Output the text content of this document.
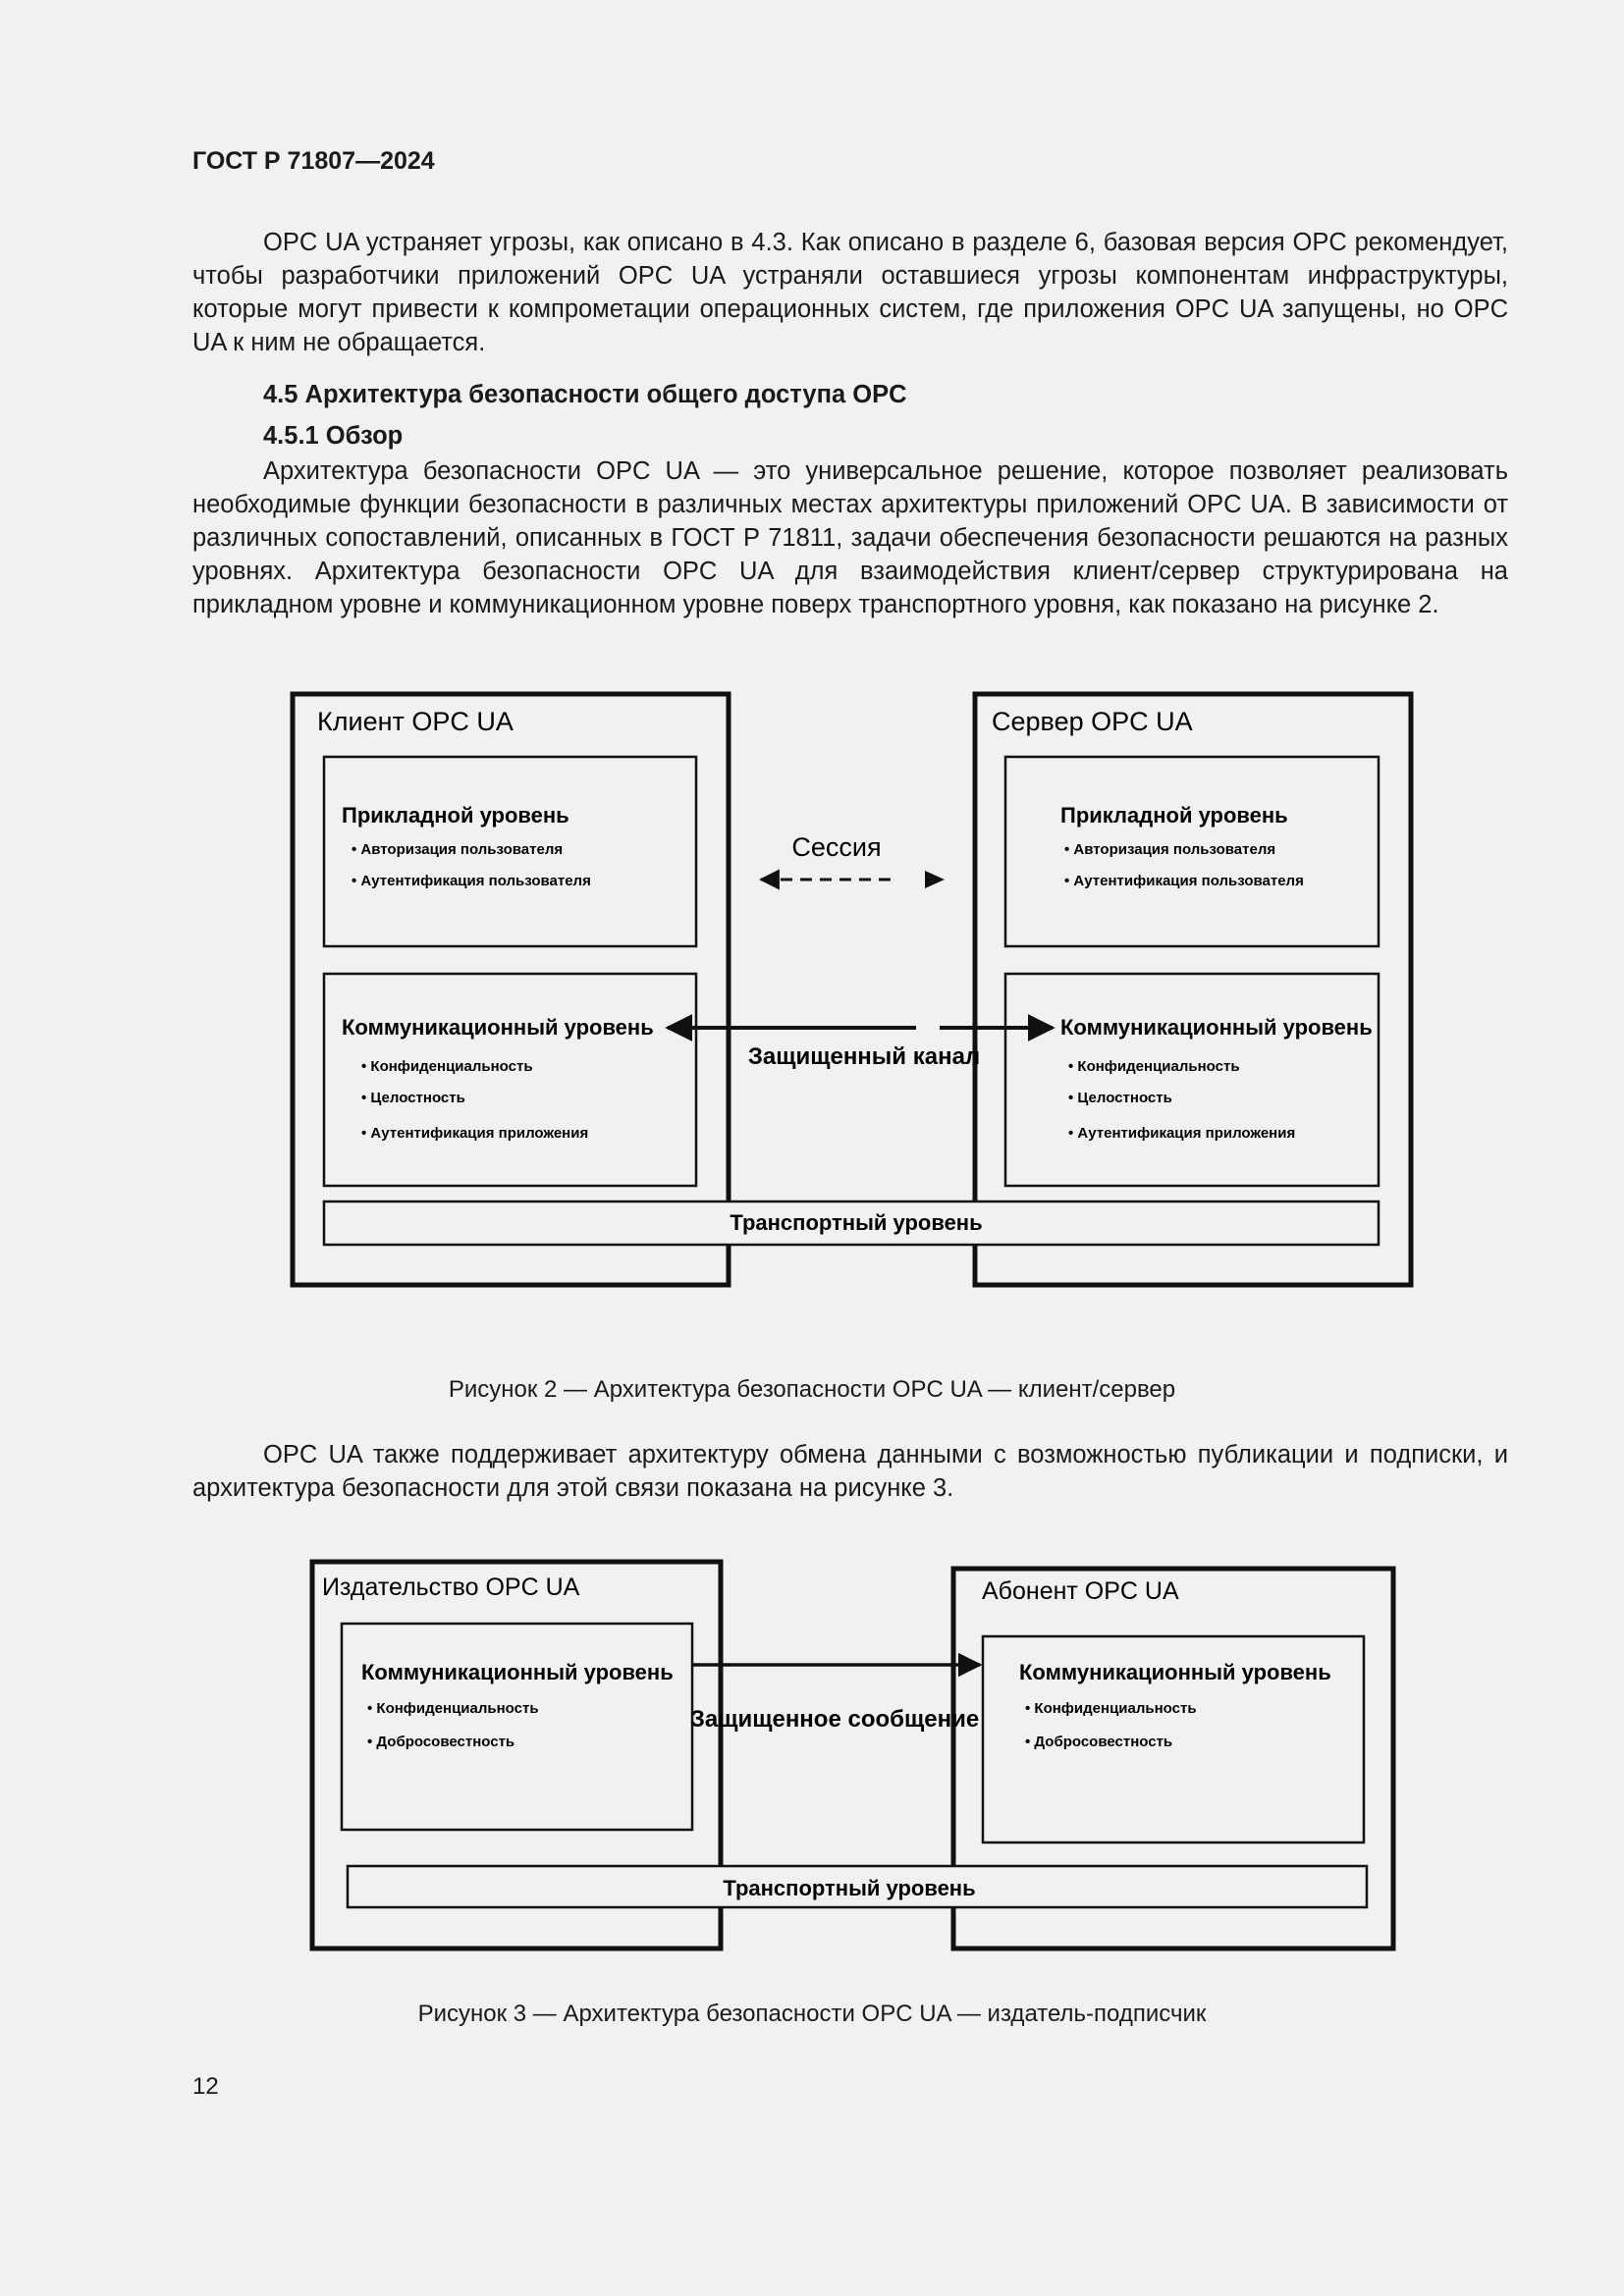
ГОСТ Р 71807—2024
OPC UA устраняет угрозы, как описано в 4.3. Как описано в разделе 6, базовая версия OPC рекомендует, чтобы разработчики приложений OPC UA устраняли оставшиеся угрозы компонентам инфраструктуры, которые могут привести к компрометации операционных систем, где приложения OPC UA запущены, но OPC UA к ним не обращается.
4.5 Архитектура безопасности общего доступа OPC
4.5.1 Обзор
Архитектура безопасности OPC UA — это универсальное решение, которое позволяет реализовать необходимые функции безопасности в различных местах архитектуры приложений OPC UA. В зависимости от различных сопоставлений, описанных в ГОСТ Р 71811, задачи обеспечения безопасности решаются на разных уровнях. Архитектура безопасности OPC UA для взаимодействия клиент/сервер структурирована на прикладном уровне и коммуникационном уровне поверх транспортного уровня, как показано на рисунке 2.
Клиент OPC UA	Сервер OPC UA
Прикладной уровень
• Авторизация пользователя
• Аутентификация пользователя
Прикладной уровень
• Авторизация пользователя
• Аутентификация пользователя
Сессия
Коммуникационный уровень
• Конфиденциальность
• Целостность
• Аутентификация приложения
Коммуникационный уровень
• Конфиденциальность
• Целостность
• Аутентификация приложения
Защищенный канал
Транспортный уровень
Рисунок 2 — Архитектура безопасности OPC UA — клиент/сервер
OPC UA также поддерживает архитектуру обмена данными с возможностью публикации и подписки, и архитектура безопасности для этой связи показана на рисунке 3.
Издательство OPC UA	Абонент OPC UA
Коммуникационный уровень
• Конфиденциальность
• Добросовестность
Коммуникационный уровень
• Конфиденциальность
• Добросовестность
Защищенное сообщение
Транспортный уровень
Рисунок 3 — Архитектура безопасности OPC UA — издатель-подписчик
12
